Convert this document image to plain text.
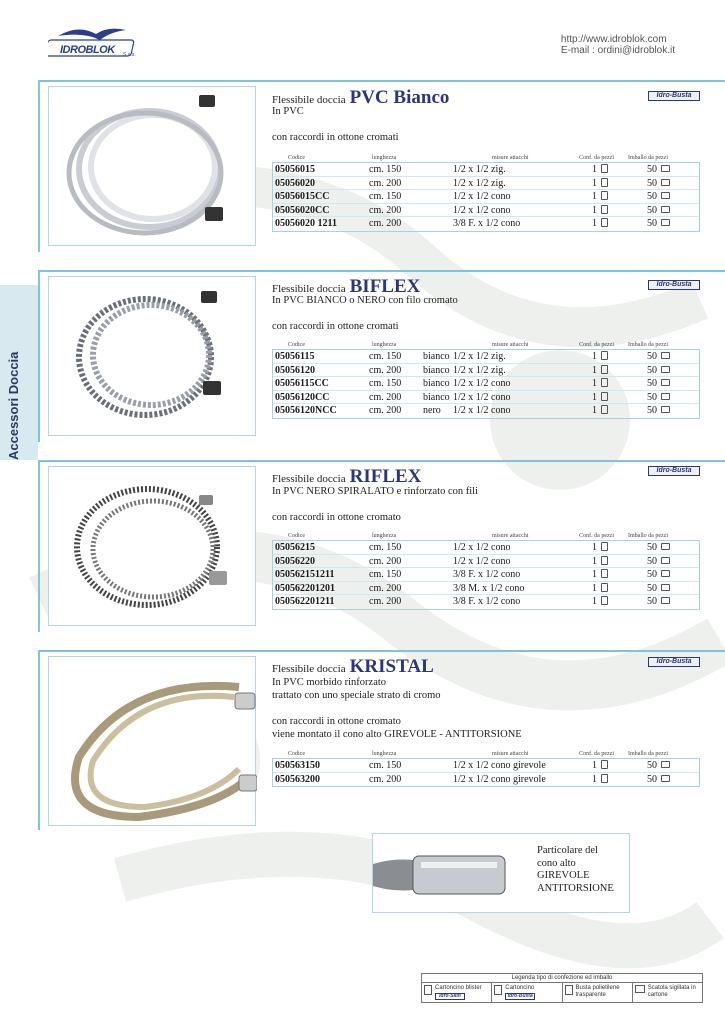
IDROBLOK S.a.s.
http://www.idroblok.com
E-mail : ordini@idroblok.it
Accessori Doccia
Flessibile doccia PVC Bianco	Idro-Busta
In PVC
con raccordi in ottone cromati
Codice	lunghezza	misure attacchi	Conf. da pezzi	Imballo da pezzi
05056015	cm. 150	1/2 x 1/2 zig.	1	50
05056020	cm. 200	1/2 x 1/2 zig.	1	50
05056015CC	cm. 150	1/2 x 1/2 cono	1	50
05056020CC	cm. 200	1/2 x 1/2 cono	1	50
05056020 1211	cm. 200	3/8 F. x 1/2 cono	1	50
Flessibile doccia BIFLEX	Idro-Busta
In PVC BIANCO o NERO con filo cromato
con raccordi in ottone cromati
Codice	lunghezza	misure attacchi	Conf. da pezzi	Imballo da pezzi
05056115	cm. 150	bianco 1/2 x 1/2 zig.	1	50
05056120	cm. 200	bianco 1/2 x 1/2 zig.	1	50
05056115CC	cm. 150	bianco 1/2 x 1/2 cono	1	50
05056120CC	cm. 200	bianco 1/2 x 1/2 cono	1	50
05056120NCC	cm. 200	nero	1/2 x 1/2 cono	1	50
Flessibile doccia RIFLEX	Idro-Busta
In PVC NERO SPIRALATO e rinforzato con fili
con raccordi in ottone cromato
Codice	lunghezza	misure attacchi	Conf. da pezzi	Imballo da pezzi
05056215	cm. 150	1/2 x 1/2 cono	1	50
05056220	cm. 200	1/2 x 1/2 cono	1	50
050562151211	cm. 150	3/8 F. x 1/2 cono	1	50
050562201201	cm. 200	3/8 M. x 1/2 cono	1	50
050562201211	cm. 200	3/8 F. x 1/2 cono	1	50
Flessibile doccia KRISTAL	Idro-Busta
In PVC morbido rinforzato
trattato con uno speciale strato di cromo
con raccordi in ottone cromato
viene montato il cono alto GIREVOLE - ANTITORSIONE
Codice	lunghezza	misure attacchi	Conf. da pezzi	Imballo da pezzi
050563150	cm. 150	1/2 x 1/2 cono girevole	1	50
050563200	cm. 200	1/2 x 1/2 cono girevole	1	50
Particolare del
cono alto
GIREVOLE
ANTITORSIONE
Legenda tipo di confezione ed imballo
Cartoncino blister
Idro-Skin
Cartoncino
Idro-Busta
Busta polietilene trasparente
Scatola sigillata in cartone
